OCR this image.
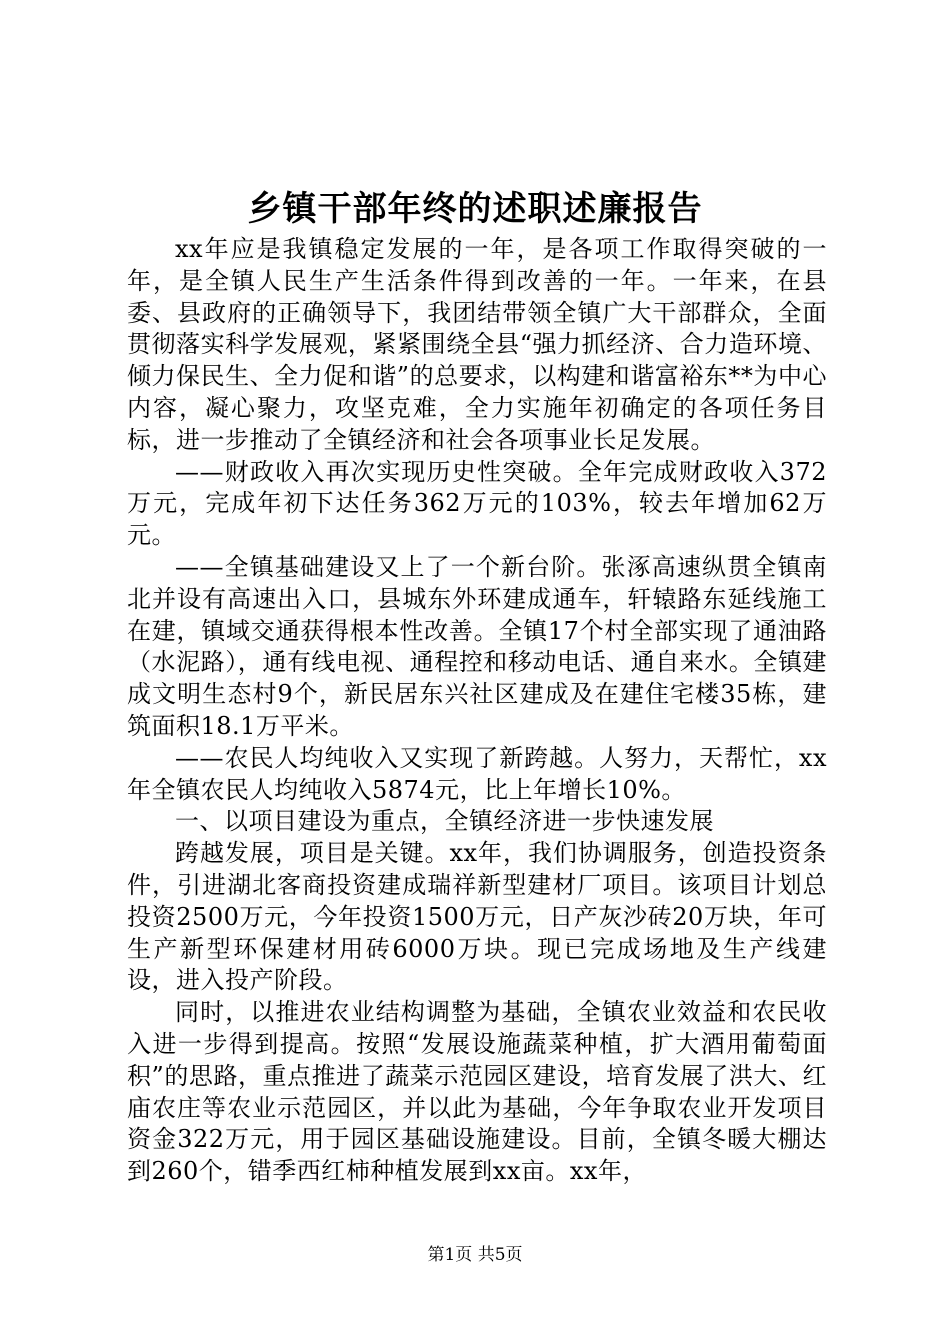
乡镇干部年终的述职述廉报告

xx年应是我镇稳定发展的一年，是各项工作取得突破的一年，是全镇人民生产生活条件得到改善的一年。一年来，在县委、县政府的正确领导下，我团结带领全镇广大干部群众，全面贯彻落实科学发展观，紧紧围绕全县“强力抓经济、合力造环境、倾力保民生、全力促和谐”的总要求，以构建和谐富裕东**为中心内容，凝心聚力，攻坚克难，全力实施年初确定的各项任务目标，进一步推动了全镇经济和社会各项事业长足发展。

——财政收入再次实现历史性突破。全年完成财政收入372万元，完成年初下达任务362万元的103%，较去年增加62万元。

——全镇基础建设又上了一个新台阶。张涿高速纵贯全镇南北并设有高速出入口，县城东外环建成通车，轩辕路东延线施工在建，镇域交通获得根本性改善。全镇17个村全部实现了通油路（水泥路），通有线电视、通程控和移动电话、通自来水。全镇建成文明生态村9个，新民居东兴社区建成及在建住宅楼35栋，建筑面积18.1万平米。

——农民人均纯收入又实现了新跨越。人努力，天帮忙，xx年全镇农民人均纯收入5874元，比上年增长10%。

一、以项目建设为重点，全镇经济进一步快速发展

跨越发展，项目是关键。xx年，我们协调服务，创造投资条件，引进湖北客商投资建成瑞祥新型建材厂项目。该项目计划总投资2500万元，今年投资1500万元，日产灰沙砖20万块，年可生产新型环保建材用砖6000万块。现已完成场地及生产线建设，进入投产阶段。

同时，以推进农业结构调整为基础，全镇农业效益和农民收入进一步得到提高。按照“发展设施蔬菜种植，扩大酒用葡萄面积”的思路，重点推进了蔬菜示范园区建设，培育发展了洪大、红庙农庄等农业示范园区，并以此为基础，今年争取农业开发项目资金322万元，用于园区基础设施建设。目前，全镇冬暖大棚达到260个，错季西红柿种植发展到xx亩。xx年，

第1页 共5页
